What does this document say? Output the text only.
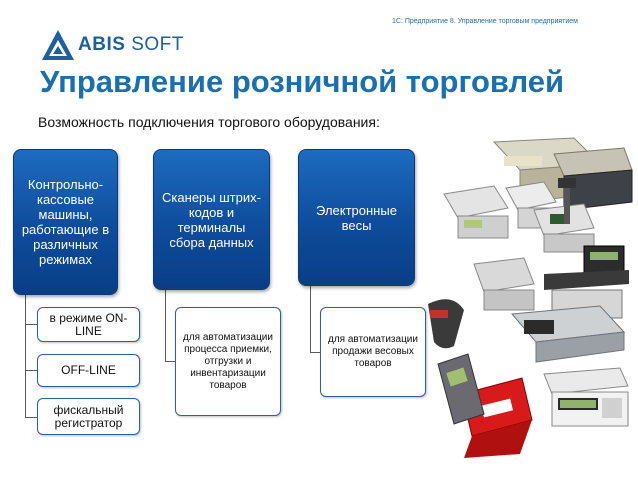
1С: Предприятие 8. Управление торговым предприятием
ABIS SOFT
Управление розничной торговлей
Возможность подключения торгового оборудования:
Контрольно-кассовые машины, работающие в различных режимах
в режиме ON-LINE
OFF-LINE
фискальный регистратор
Сканеры штрих-кодов и терминалы сбора данных
для автоматизации процесса приемки, отгрузки и инвентаризации товаров
Электронные весы
для автоматизации продажи весовых товаров
